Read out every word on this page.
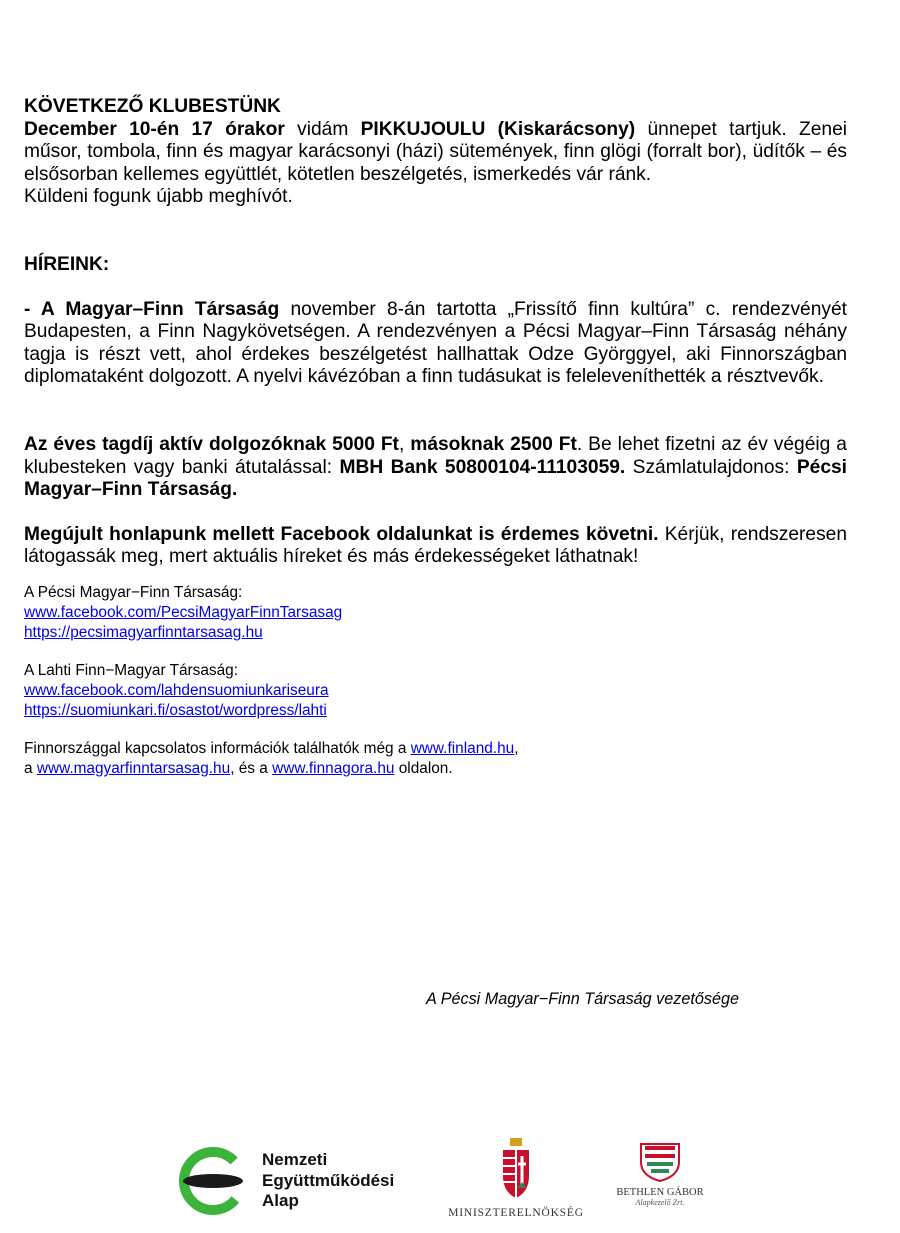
KÖVETKEZŐ KLUBESTÜNK

December 10-én 17 órakor vidám PIKKUJOULU (Kiskarácsony) ünnepet tartjuk. Zenei műsor, tombola, finn és magyar karácsonyi (házi) sütemények, finn glögi (forralt bor), üdítők – és elsősorban kellemes együttlét, kötetlen beszélgetés, ismerkedés vár ránk.

Küldeni fogunk újabb meghívót.

HÍREINK:

- A Magyar–Finn Társaság november 8-án tartotta „Frissítő finn kultúra” c. rendezvényét Budapesten, a Finn Nagykövetségen. A rendezvényen a Pécsi Magyar–Finn Társaság néhány tagja is részt vett, ahol érdekes beszélgetést hallhattak Odze Györggyel, aki Finnországban diplomataként dolgozott. A nyelvi kávézóban a finn tudásukat is feleleveníthették a résztvevők.

Az éves tagdíj aktív dolgozóknak 5000 Ft, másoknak 2500 Ft. Be lehet fizetni az év végéig a klubesteken vagy banki átutalással: MBH Bank 50800104-11103059. Számlatulajdonos: Pécsi Magyar–Finn Társaság.

Megújult honlapunk mellett Facebook oldalunkat is érdemes követni. Kérjük, rendszeresen látogassák meg, mert aktuális híreket és más érdekességeket láthatnak!

A Pécsi Magyar−Finn Társaság:
www.facebook.com/PecsiMagyarFinnTarsasag
https://pecsimagyarfinntarsasag.hu
A Lahti Finn−Magyar Társaság:
www.facebook.com/lahdensuomiunkariseura
https://suomiunkari.fi/osastot/wordpress/lahti
Finnországgal kapcsolatos információk találhatók még a www.finland.hu,
a www.magyarfinntarsasag.hu, és a www.finnagora.hu oldalon.
A Pécsi Magyar−Finn Társaság vezetősége
Nemzeti
Együttműködési
Alap
MINISZTERELNÖKSÉG
BETHLEN GÁBOR
Alapkezelő Zrt.
